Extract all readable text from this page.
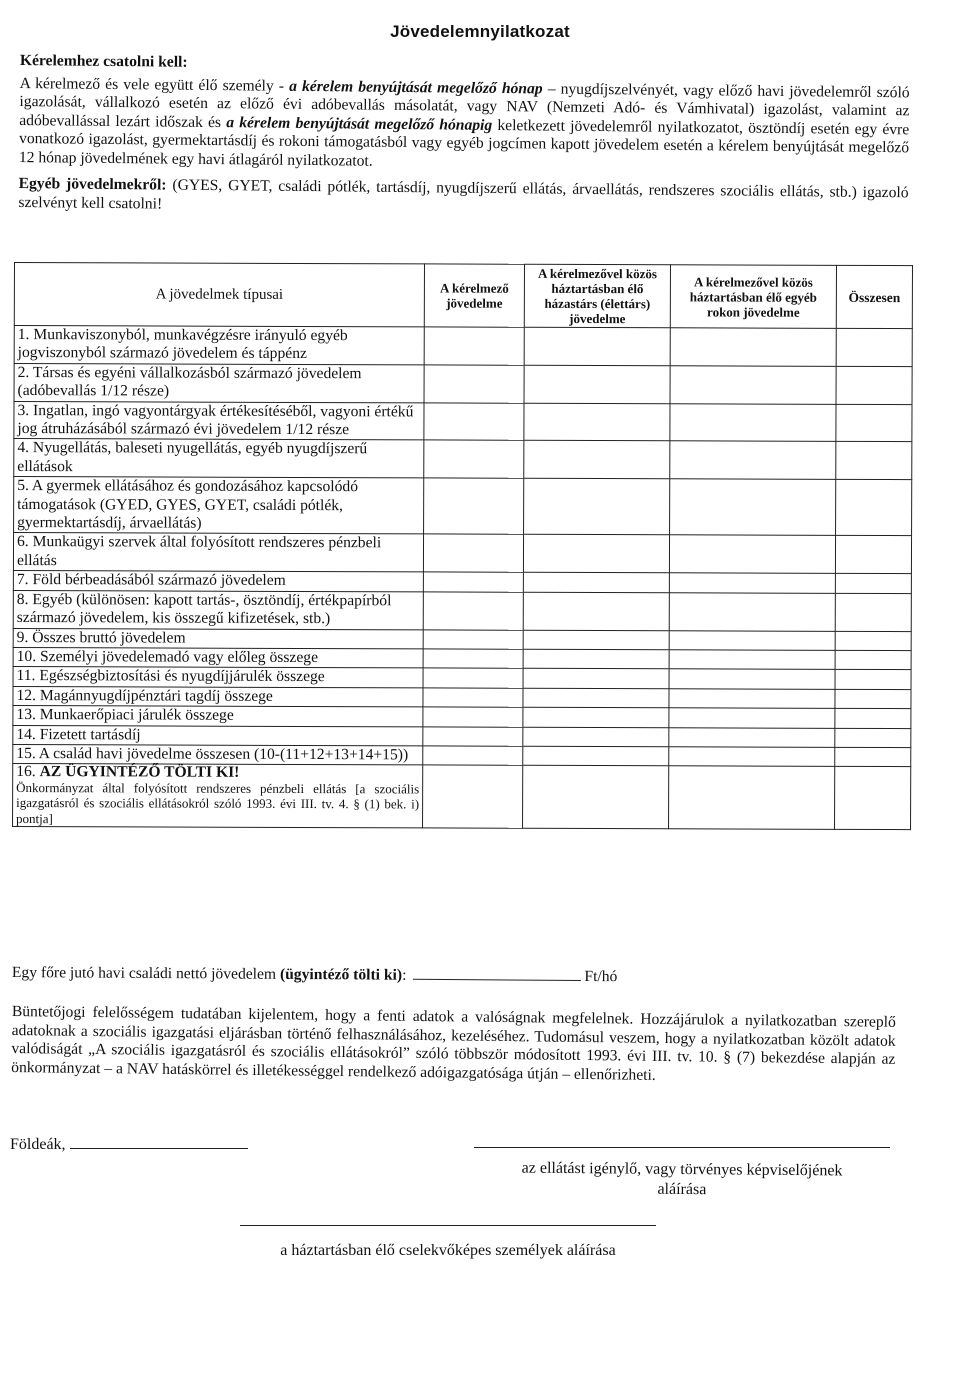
Jövedelemnyilatkozat

Kérelemhez csatolni kell:

A kérelmező és vele együtt élő személy - a kérelem benyújtását megelőző hónap – nyugdíjszelvényét, vagy előző havi jövedelemről szóló igazolását, vállalkozó esetén az előző évi adóbevallás másolatát, vagy NAV (Nemzeti Adó- és Vámhivatal) igazolást, valamint az adóbevallással lezárt időszak és a kérelem benyújtását megelőző hónapig keletkezett jövedelemről nyilatkozatot, ösztöndíj esetén egy évre vonatkozó igazolást, gyermektartásdíj és rokoni támogatásból vagy egyéb jogcímen kapott jövedelem esetén a kérelem benyújtását megelőző 12 hónap jövedelmének egy havi átlagáról nyilatkozatot.

Egyéb jövedelmekről: (GYES, GYET, családi pótlék, tartásdíj, nyugdíjszerű ellátás, árvaellátás, rendszeres szociális ellátás, stb.) igazoló szelvényt kell csatolni!

A jövedelmek típusai	A kérelmező jövedelme	A kérelmezővel közös háztartásban élő házastárs (élettárs) jövedelme	A kérelmezővel közös háztartásban élő egyéb rokon jövedelme	Összesen
1. Munkaviszonyból, munkavégzésre irányuló egyéb jogviszonyból származó jövedelem és táppénz				
2. Társas és egyéni vállalkozásból származó jövedelem (adóbevallás 1/12 része)				
3. Ingatlan, ingó vagyontárgyak értékesítéséből, vagyoni értékű jog átruházásából származó évi jövedelem 1/12 része				
4. Nyugellátás, baleseti nyugellátás, egyéb nyugdíjszerű ellátások				
5. A gyermek ellátásához és gondozásához kapcsolódó támogatások (GYED, GYES, GYET, családi pótlék, gyermektartásdíj, árvaellátás)				
6. Munkaügyi szervek által folyósított rendszeres pénzbeli ellátás				
7. Föld bérbeadásából származó jövedelem				
8. Egyéb (különösen: kapott tartás-, ösztöndíj, értékpapírból származó jövedelem, kis összegű kifizetések, stb.)				
9. Összes bruttó jövedelem				
10. Személyi jövedelemadó vagy előleg összege				
11. Egészségbiztosítási és nyugdíjjárulék összege				
12. Magánnyugdíjpénztári tagdíj összege				
13. Munkaerőpiaci járulék összege				
14. Fizetett tartásdíj				
15. A család havi jövedelme összesen (10-(11+12+13+14+15))				
16. AZ ÜGYINTÉZŐ TÖLTI KI!
Önkormányzat által folyósított rendszeres pénzbeli ellátás [a szociális igazgatásról és szociális ellátásokról szóló 1993. évi III. tv. 4. § (1) bek. i) pontja]				
Egy főre jutó havi családi nettó jövedelem (ügyintéző tölti ki):	Ft/hó
Büntetőjogi felelősségem tudatában kijelentem, hogy a fenti adatok a valóságnak megfelelnek. Hozzájárulok a nyilatkozatban szereplő adatoknak a szociális igazgatási eljárásban történő felhasználásához, kezeléséhez. Tudomásul veszem, hogy a nyilatkozatban közölt adatok valódiságát „A szociális igazgatásról és szociális ellátásokról” szóló többször módosított 1993. évi III. tv. 10. § (7) bekezdése alapján az önkormányzat – a NAV hatáskörrel és illetékességgel rendelkező adóigazgatósága útján – ellenőrizheti.
Földeák,
az ellátást igénylő, vagy törvényes képviselőjének
aláírása
a háztartásban élő cselekvőképes személyek aláírása
